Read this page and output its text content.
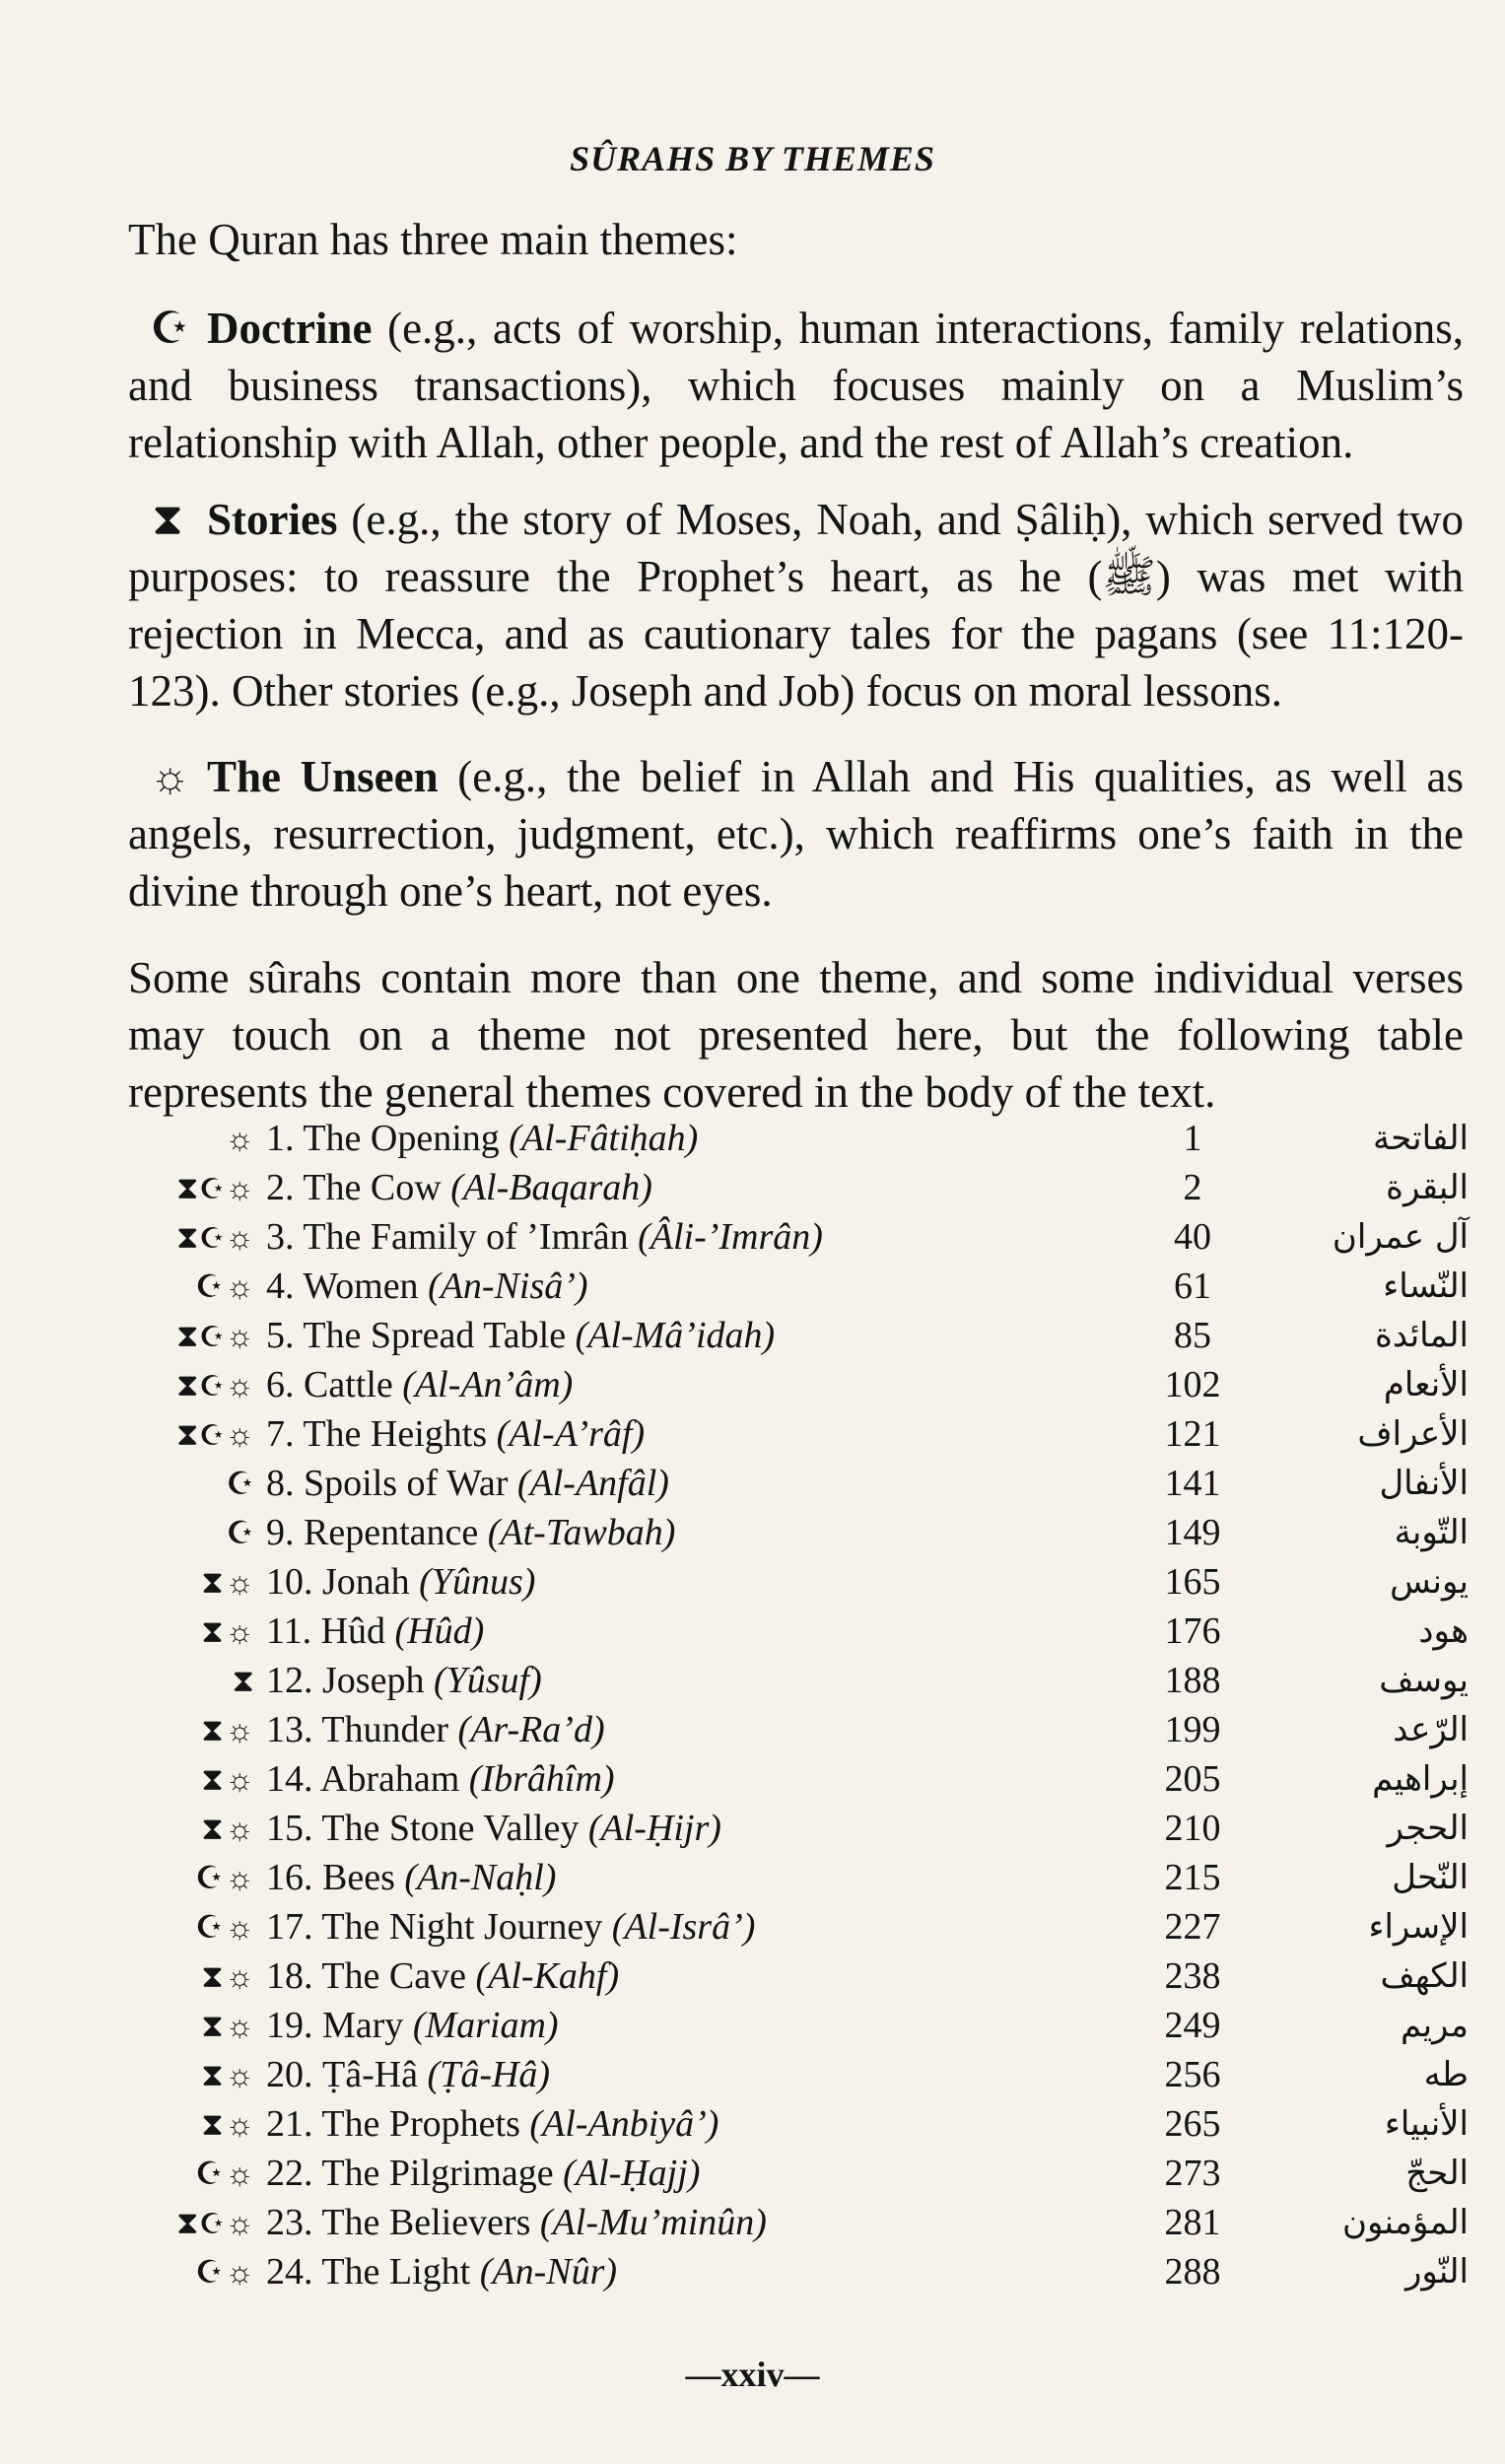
SÛRAHS BY THEMES
The Quran has three main themes:
☪ Doctrine (e.g., acts of worship, human interactions, family relations, and business transactions), which focuses mainly on a Muslim’s relationship with Allah, other people, and the rest of Allah’s creation.
⧗ Stories (e.g., the story of Moses, Noah, and Ṣâliḥ), which served two purposes: to reassure the Prophet’s heart, as he (ﷺ) was met with rejection in Mecca, and as cautionary tales for the pagans (see 11:120-123). Other stories (e.g., Joseph and Job) focus on moral lessons.
☼ The Unseen (e.g., the belief in Allah and His qualities, as well as angels, resurrection, judgment, etc.), which reaffirms one’s faith in the divine through one’s heart, not eyes.
Some sûrahs contain more than one theme, and some individual verses may touch on a theme not presented here, but the following table represents the general themes covered in the body of the text.
☼ 1. The Opening (Al-Fâtiḥah)	1	الفاتحة
⧗☪☼ 2. The Cow (Al-Baqarah)	2	البقرة
⧗☪☼ 3. The Family of ’Imrân (Âli-’Imrân)	40	آل عمران
☪☼ 4. Women (An-Nisâ’)	61	النّساء
⧗☪☼ 5. The Spread Table (Al-Mâ’idah)	85	المائدة
⧗☪☼ 6. Cattle (Al-An’âm)	102	الأنعام
⧗☪☼ 7. The Heights (Al-A’râf)	121	الأعراف
☪ 8. Spoils of War (Al-Anfâl)	141	الأنفال
☪ 9. Repentance (At-Tawbah)	149	التّوبة
⧗☼ 10. Jonah (Yûnus)	165	يونس
⧗☼ 11. Hûd (Hûd)	176	هود
⧗ 12. Joseph (Yûsuf)	188	يوسف
⧗☼ 13. Thunder (Ar-Ra’d)	199	الرّعد
⧗☼ 14. Abraham (Ibrâhîm)	205	إبراهيم
⧗☼ 15. The Stone Valley (Al-Ḥijr)	210	الحجر
☪☼ 16. Bees (An-Naḥl)	215	النّحل
☪☼ 17. The Night Journey (Al-Isrâ’)	227	الإسراء
⧗☼ 18. The Cave (Al-Kahf)	238	الكهف
⧗☼ 19. Mary (Mariam)	249	مريم
⧗☼ 20. Ṭâ-Hâ (Ṭâ-Hâ)	256	طه
⧗☼ 21. The Prophets (Al-Anbiyâ’)	265	الأنبياء
☪☼ 22. The Pilgrimage (Al-Ḥajj)	273	الحجّ
⧗☪☼ 23. The Believers (Al-Mu’minûn)	281	المؤمنون
☪☼ 24. The Light (An-Nûr)	288	النّور
—xxiv—
